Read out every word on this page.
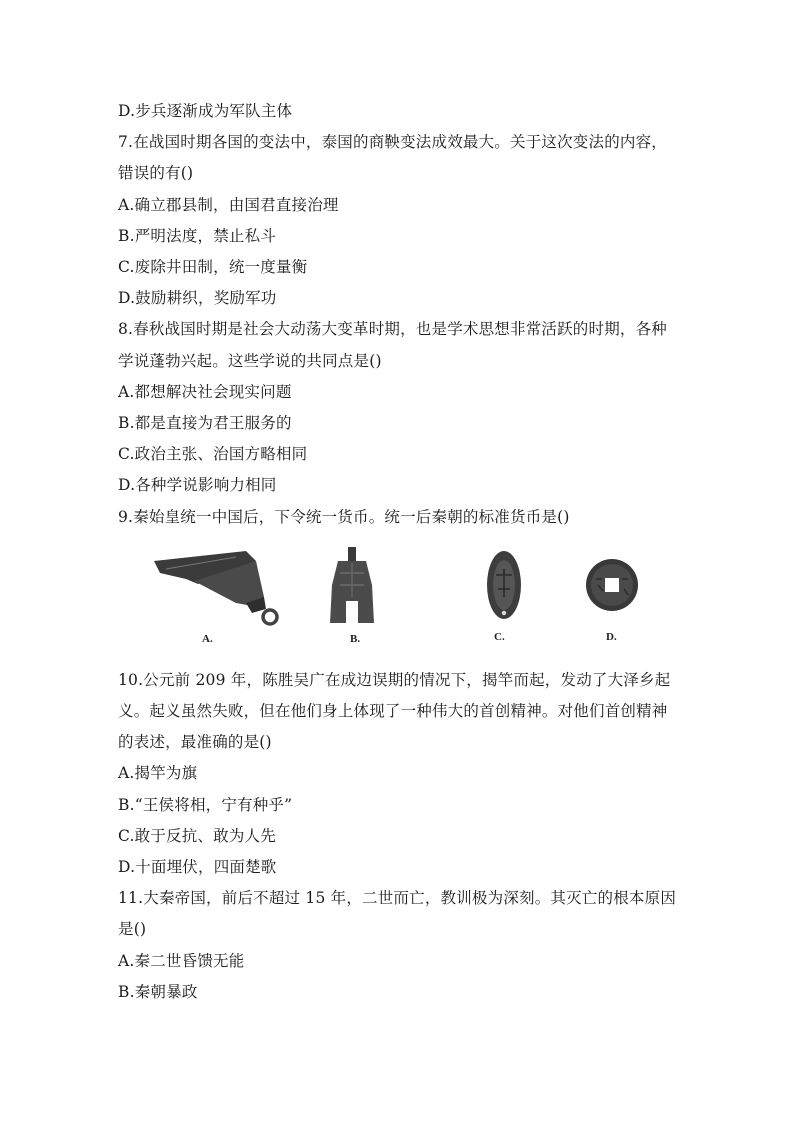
D.步兵逐渐成为军队主体
7.在战国时期各国的变法中，泰国的商鞅变法成效最大。关于这次变法的内容，
错误的有()
A.确立郡县制，由国君直接治理
B.严明法度，禁止私斗
C.废除井田制，统一度量衡
D.鼓励耕织，奖励军功
8.春秋战国时期是社会大动荡大变革时期，也是学术思想非常活跃的时期，各种
学说蓬勃兴起。这些学说的共同点是()
A.都想解决社会现实问题
B.都是直接为君王服务的
C.政治主张、治国方略相同
D.各种学说影响力相同
9.秦始皇统一中国后，下令统一货币。统一后秦朝的标准货币是()
A.	B.	C.	D.
10.公元前 209 年，陈胜吴广在成边误期的情况下，揭竿而起，发动了大泽乡起
义。起义虽然失败，但在他们身上体现了一种伟大的首创精神。对他们首创精神
的表述，最准确的是()
A.揭竿为旗
B.“王侯将相，宁有种乎”
C.敢于反抗、敢为人先
D.十面埋伏，四面楚歌
11.大秦帝国，前后不超过 15 年，二世而亡，教训极为深刻。其灭亡的根本原因
是()
A.秦二世昏馈无能
B.秦朝暴政
